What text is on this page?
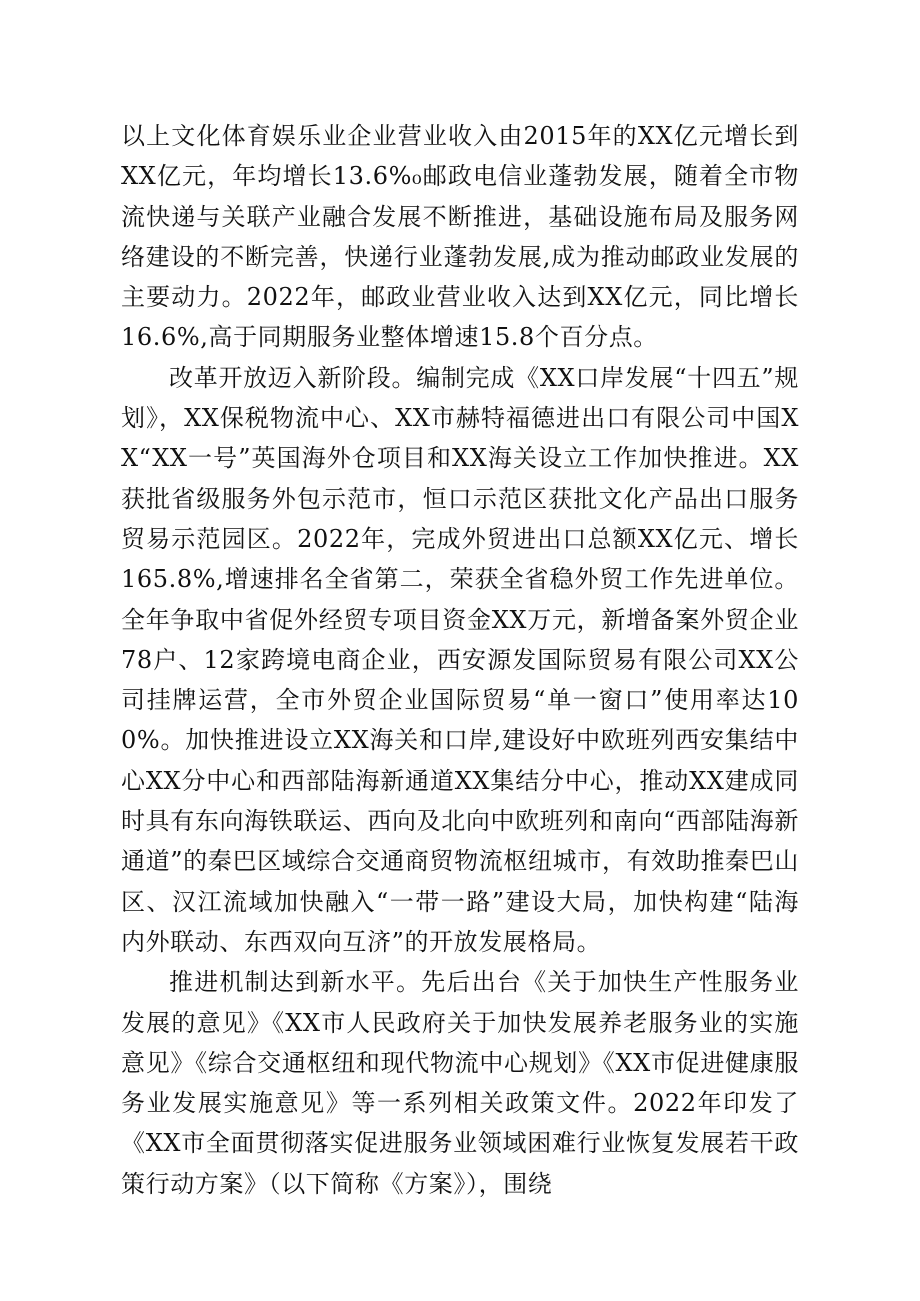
以上文化体育娱乐业企业营业收入由2015年的XX亿元增长到XX亿元，年均增长13.6%₀邮政电信业蓬勃发展，随着全市物流快递与关联产业融合发展不断推进，基础设施布局及服务网络建设的不断完善，快递行业蓬勃发展,成为推动邮政业发展的主要动力。2022年，邮政业营业收入达到XX亿元，同比增长16.6%,高于同期服务业整体增速15.8个百分点。

改革开放迈入新阶段。编制完成《XX口岸发展“十四五”规划》，XX保税物流中心、XX市赫特福德进出口有限公司中国XX“XX一号”英国海外仓项目和XX海关设立工作加快推进。XX获批省级服务外包示范市，恒口示范区获批文化产品出口服务贸易示范园区。2022年，完成外贸进出口总额XX亿元、增长165.8%,增速排名全省第二，荣获全省稳外贸工作先进单位。全年争取中省促外经贸专项目资金XX万元，新增备案外贸企业78户、12家跨境电商企业，西安源发国际贸易有限公司XX公司挂牌运营，全市外贸企业国际贸易“单一窗口”使用率达100%。加快推进设立XX海关和口岸,建设好中欧班列西安集结中心XX分中心和西部陆海新通道XX集结分中心，推动XX建成同时具有东向海铁联运、西向及北向中欧班列和南向“西部陆海新通道”的秦巴区域综合交通商贸物流枢纽城市，有效助推秦巴山区、汉江流域加快融入“一带一路”建设大局，加快构建“陆海内外联动、东西双向互济”的开放发展格局。

推进机制达到新水平。先后出台《关于加快生产性服务业发展的意见》《XX市人民政府关于加快发展养老服务业的实施意见》《综合交通枢纽和现代物流中心规划》《XX市促进健康服务业发展实施意见》等一系列相关政策文件。2022年印发了《XX市全面贯彻落实促进服务业领域困难行业恢复发展若干政策行动方案》（以下简称《方案》），围绕
